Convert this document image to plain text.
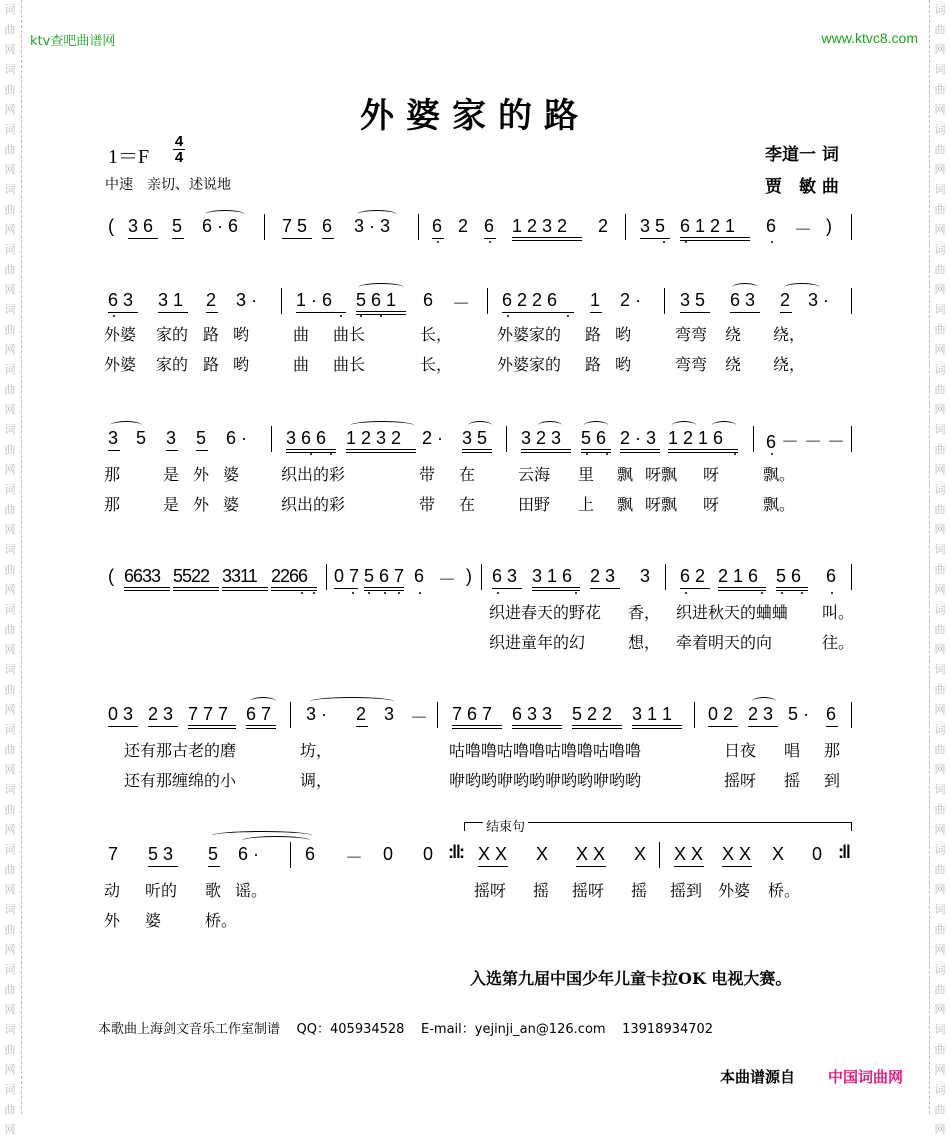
词
曲
网
词
曲
网
词
曲
网
词
曲
网
词
曲
网
词
曲
网
词
曲
网
词
曲
网
词
曲
网
词
曲
网
词
曲
网
词
曲
网
词
曲
网
词
曲
网
词
曲
网
词
曲
网
词
曲
网
词
曲
网
词
曲
网
词
曲
网
词
曲
网
词
曲
网
词
曲
网
词
曲
网
词
曲
网
词
曲
网
词
曲
网
词
曲
网
词
曲
网
词
曲
网
词
曲
网
词
曲
网
词
曲
网
词
曲
网
词
曲
网
词
曲
网
词
曲
网
词
曲
网
ktv查吧曲谱网	www.ktvc8.com
外婆家的路
1＝F
4
4
中速　亲切、述说地
李道一 词
贾　敏 曲
( 3 6 5 6 · 6 7 5 6 3 · 3 6 2 6 1 2 3 2 2 3 5 6 1 2 1 6 － )
6 3 3 1 2 3 · 1 · 6 5 6 1 6 － 6 2 2 6 1 2 · 3 5 6 3 2 3 ·
外婆 家的 路 哟	曲 曲长	长，	外婆家的 路 哟	弯弯 绕 绕，
外婆 家的 路 哟	曲 曲长	长，	外婆家的 路 哟	弯弯 绕 绕，
3 5 3 5 6 · 3 6 6 1 2 3 2 2 · 3 5 3 2 3 5 6 2 · 3 1 2 1 6 6 － － －
那	是 外 婆	织出的彩	带 在	云海 里 飘 呀飘 呀	飘。
那	是 外 婆	织出的彩	带 在	田野 上 飘 呀飘 呀	飘。
( 6633 5522 3311 2266 0 7 5 6 7 6 － ) 6 3 3 1 6 2 3 3 6 2 2 1 6 5 6 6
织进春天的野花 香， 织进秋天的蛐蛐 叫。
织进童年的幻	想， 牵着明天的向	往。
0 3 2 3 7 7 7 6 7 3 · 2 3 － 7 6 7 6 3 3 5 2 2 3 1 1 0 2 2 3 5 · 6
还有那古老的磨	坊，	咕噜噜咕噜噜咕噜噜咕噜噜	日夜 唱 那
还有那缠绵的小	调，	咿哟哟咿哟哟咿哟哟咿哟哟	摇呀 摇 到
结束句
7 5 3 5 6 ·	6 － 0 0 :‖: X X X X X X X X X X X 0 :‖
动 听的 歌 谣。	摇呀 摇 摇呀 摇 摇到 外婆 桥。
外 婆	桥。
入选第九届中国少年儿童卡拉OK 电视大赛。
本歌曲上海剑文音乐工作室制谱 QQ：405934528 E-mail：yejinji_an@126.com 13918934702
本曲谱源自 中国词曲网
